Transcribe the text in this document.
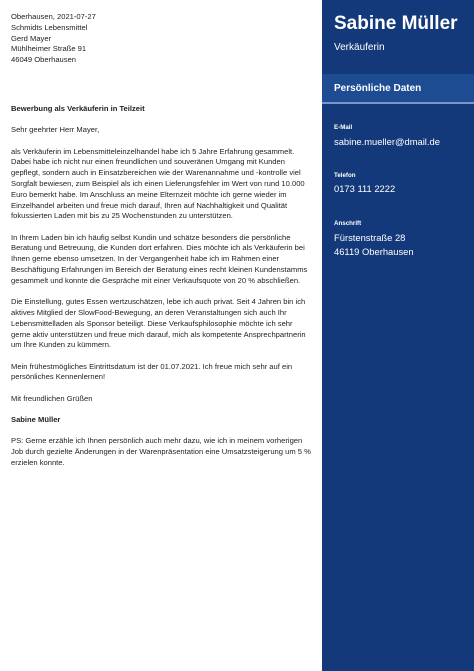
Oberhausen, 2021-07-27

Schmidts Lebensmittel
Gerd Mayer
Mühlheimer Straße 91
46049 Oberhausen

Bewerbung als Verkäuferin in Teilzeit

Sehr geehrter Herr Mayer,

als Verkäuferin im Lebensmitteleinzelhandel habe ich 5 Jahre Erfahrung gesammelt. Dabei habe ich nicht nur einen freundlichen und souveränen Umgang mit Kunden gepflegt, sondern auch in Einsatzbereichen wie der Warenannahme und -kontrolle viel Sorgfalt bewiesen, zum Beispiel als ich einen Lieferungsfehler im Wert von rund 10.000 Euro bemerkt habe. Im Anschluss an meine Elternzeit möchte ich gerne wieder im Einzelhandel arbeiten und freue mich darauf, Ihren auf Nachhaltigkeit und Qualität fokussierten Laden mit bis zu 25 Wochenstunden zu unterstützen.

In Ihrem Laden bin ich häufig selbst Kundin und schätze besonders die persönliche Beratung und Betreuung, die Kunden dort erfahren. Dies möchte ich als Verkäuferin bei Ihnen gerne ebenso umsetzen. In der Vergangenheit habe ich im Rahmen einer Beschäftigung Erfahrungen im Bereich der Beratung eines recht kleinen Kundenstamms gesammelt und konnte die Gespräche mit einer Verkaufsquote von 20 % abschließen.

Die Einstellung, gutes Essen wertzuschätzen, lebe ich auch privat. Seit 4 Jahren bin ich aktives Mitglied der SlowFood-Bewegung, an deren Veranstaltungen sich auch Ihr Lebensmittelladen als Sponsor beteiligt. Diese Verkaufsphilosophie möchte ich sehr gerne aktiv unterstützen und freue mich darauf, mich als kompetente Ansprechpartnerin um Ihre Kunden zu kümmern.

Mein frühestmögliches Eintrittsdatum ist der 01.07.2021. Ich freue mich sehr auf ein persönliches Kennenlernen!

Mit freundlichen Grüßen

Sabine Müller

PS: Gerne erzähle ich Ihnen persönlich auch mehr dazu, wie ich in meinem vorherigen Job durch gezielte Änderungen in der Warenpräsentation eine Umsatzsteigerung um 5 % erzielen konnte.

Sabine Müller
Verkäuferin
Persönliche Daten
E-Mail
sabine.mueller@dmail.de
Telefon
0173 111 2222
Anschrift
Fürstenstraße 28
46119 Oberhausen
